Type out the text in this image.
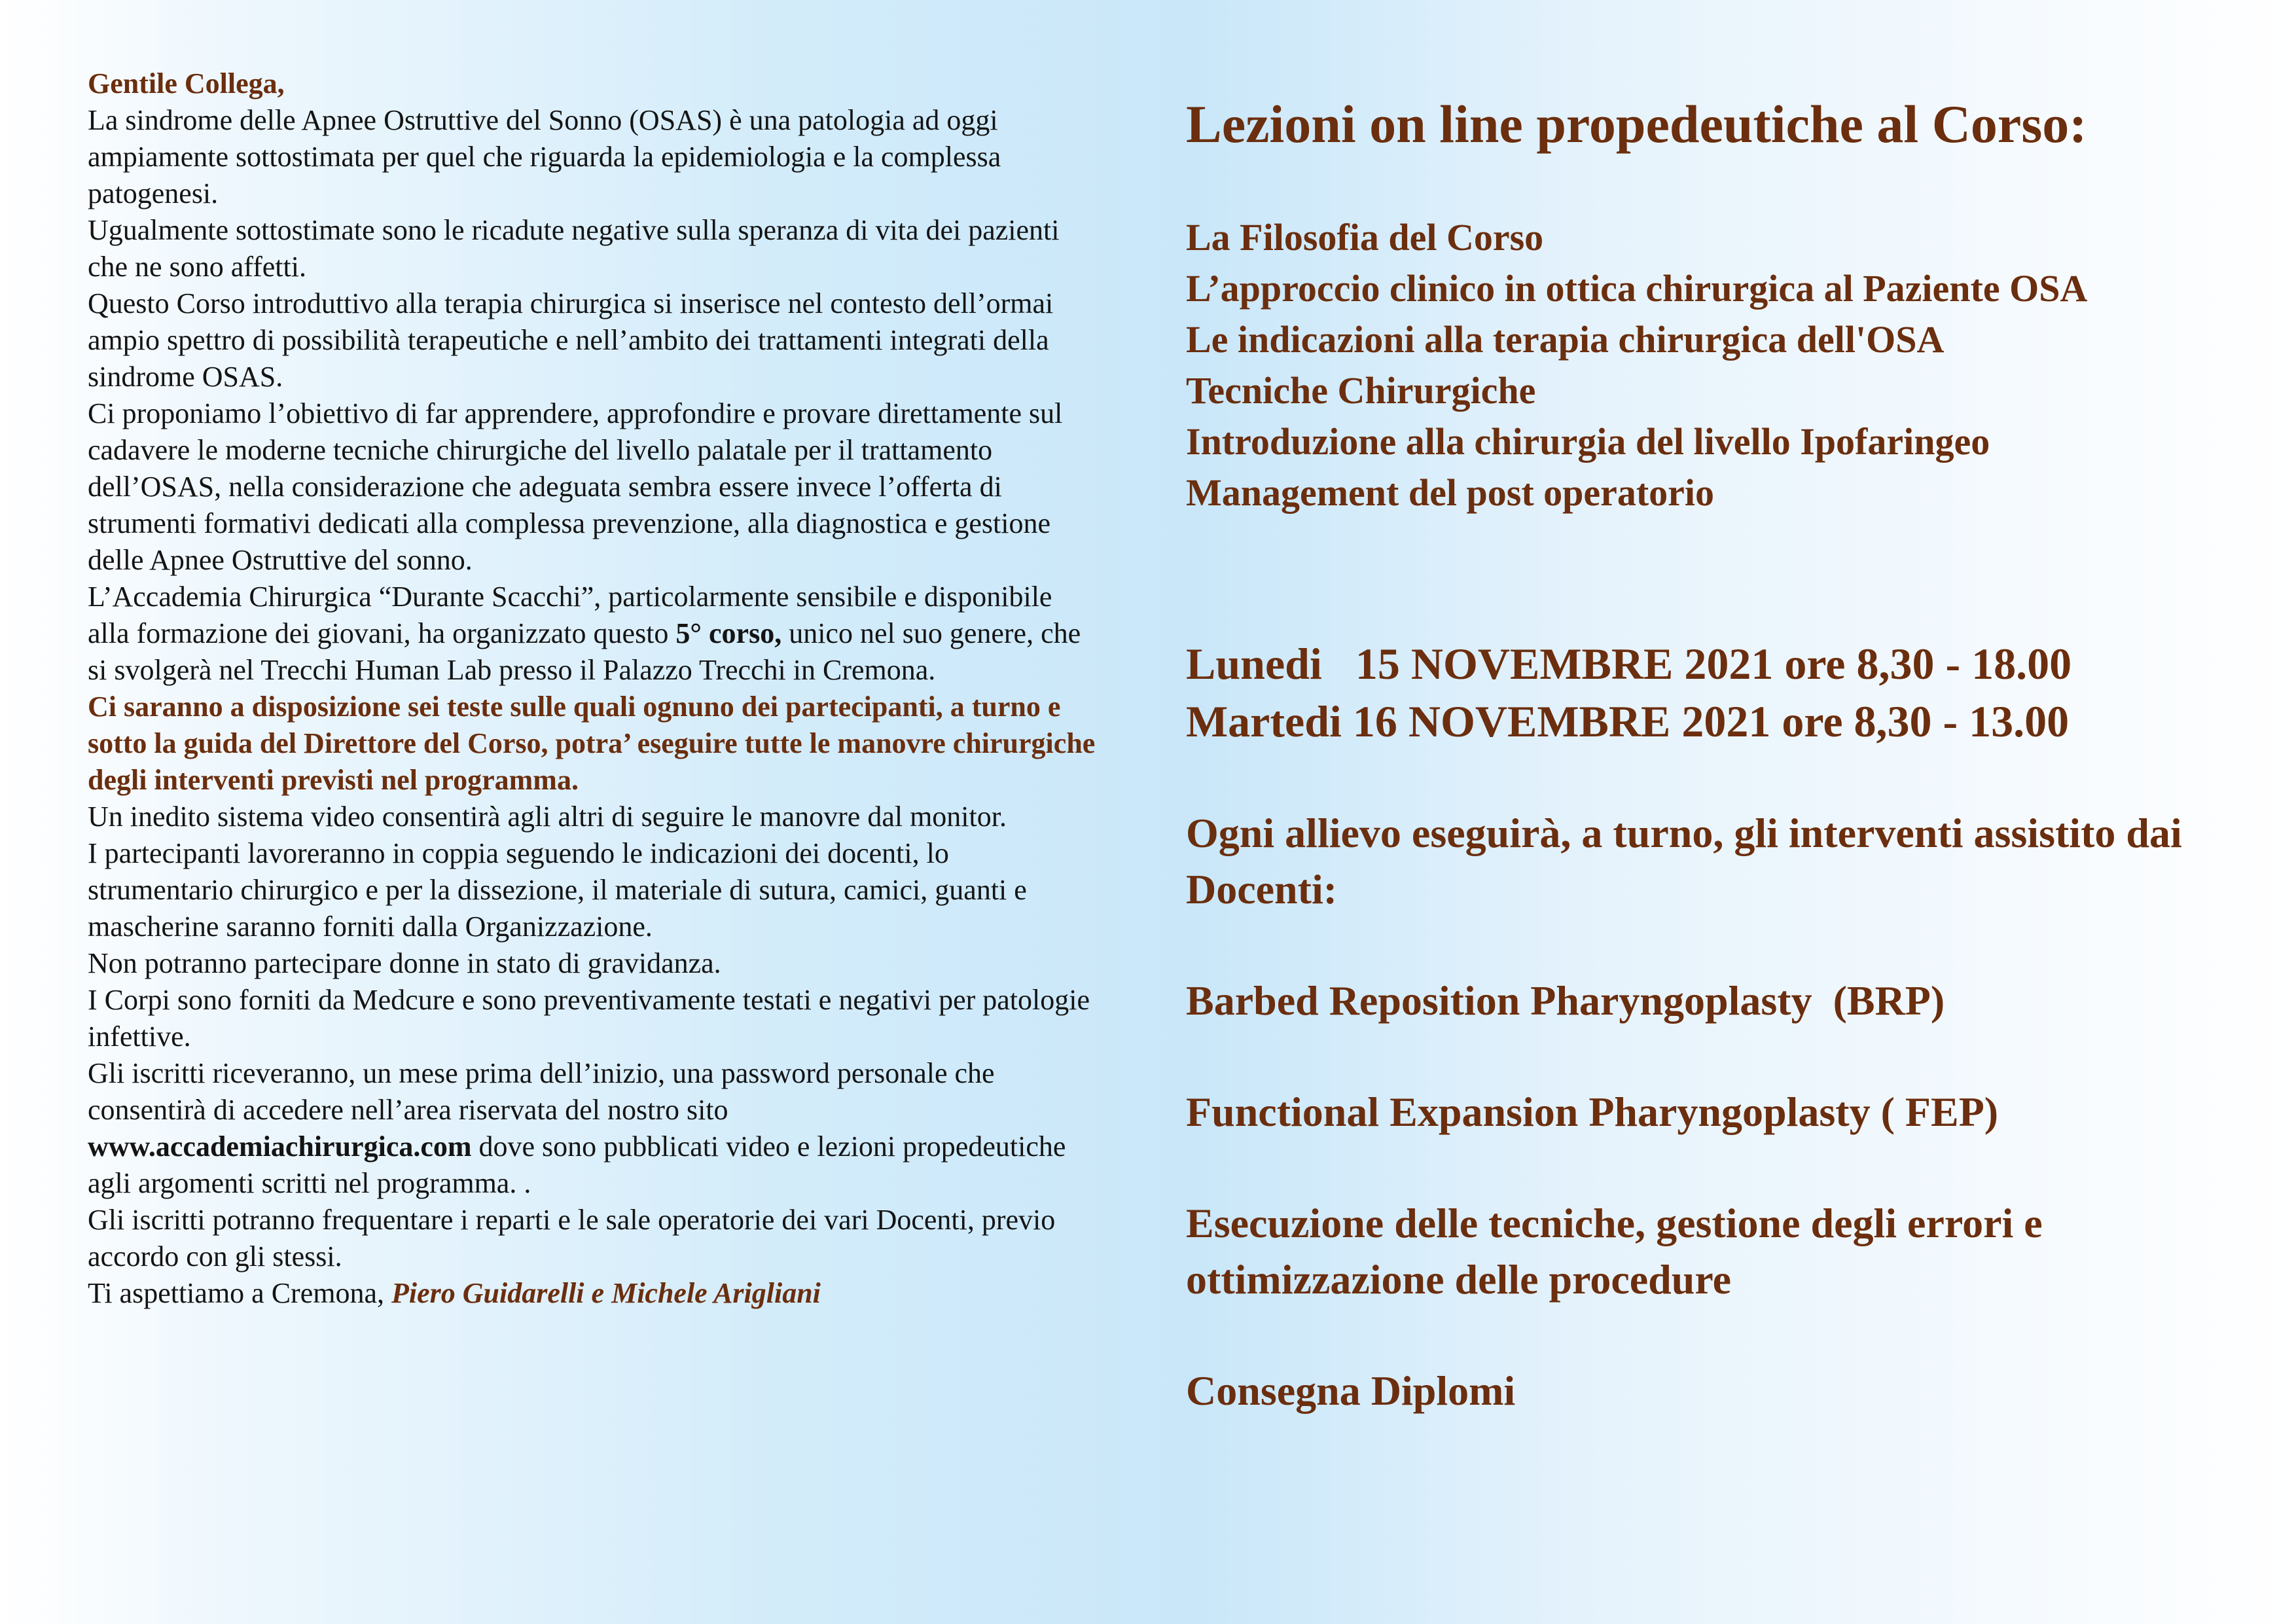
Gentile Collega,

La sindrome delle Apnee Ostruttive del Sonno (OSAS) è una patologia ad oggi ampiamente sottostimata per quel che riguarda la epidemiologia e la complessa patogenesi.

Ugualmente sottostimate sono le ricadute negative sulla speranza di vita dei pazienti che ne sono affetti.

Questo Corso introduttivo alla terapia chirurgica si inserisce nel contesto dell’ormai ampio spettro di possibilità terapeutiche e nell’ambito dei trattamenti integrati della sindrome OSAS.

Ci proponiamo l’obiettivo di far apprendere, approfondire e provare direttamente sul cadavere le moderne tecniche chirurgiche del livello palatale per il trattamento dell’OSAS, nella considerazione che adeguata sembra essere invece l’offerta di strumenti formativi dedicati alla complessa prevenzione, alla diagnostica e gestione delle Apnee Ostruttive del sonno.

L’Accademia Chirurgica “Durante Scacchi”, particolarmente sensibile e disponibile alla formazione dei giovani, ha organizzato questo 5° corso, unico nel suo genere, che si svolgerà nel Trecchi Human Lab presso il Palazzo Trecchi in Cremona.

Ci saranno a disposizione sei teste sulle quali ognuno dei partecipanti, a turno e sotto la guida del Direttore del Corso, potra’ eseguire tutte le manovre chirurgiche degli interventi previsti nel programma.

Un inedito sistema video consentirà agli altri di seguire le manovre dal monitor.

I partecipanti lavoreranno in coppia seguendo le indicazioni dei docenti, lo strumentario chirurgico e per la dissezione, il materiale di sutura, camici, guanti e mascherine saranno forniti dalla Organizzazione.

Non potranno partecipare donne in stato di gravidanza.

I Corpi sono forniti da Medcure e sono preventivamente testati e negativi per patologie infettive.

Gli iscritti riceveranno, un mese prima dell’inizio, una password personale che consentirà di accedere nell’area riservata del nostro sito www.accademiachirurgica.com dove sono pubblicati video e lezioni propedeutiche agli argomenti scritti nel programma. .

Gli iscritti potranno frequentare i reparti e le sale operatorie dei vari Docenti, previo accordo con gli stessi.

Ti aspettiamo a Cremona, Piero Guidarelli e Michele Arigliani

Lezioni on line propedeutiche al Corso:

La Filosofia del Corso

L’approccio clinico in ottica chirurgica al Paziente OSA

Le indicazioni alla terapia chirurgica dell'OSA

Tecniche Chirurgiche

Introduzione alla chirurgia del livello Ipofaringeo

Management del post operatorio

Lunedi   15 NOVEMBRE 2021 ore 8,30 - 18.00

Martedi 16 NOVEMBRE 2021 ore 8,30 - 13.00

Ogni allievo eseguirà, a turno, gli interventi assistito dai Docenti:

Barbed Reposition Pharyngoplasty  (BRP)

Functional Expansion Pharyngoplasty ( FEP)

Esecuzione delle tecniche, gestione degli errori e ottimizzazione delle procedure

Consegna Diplomi
